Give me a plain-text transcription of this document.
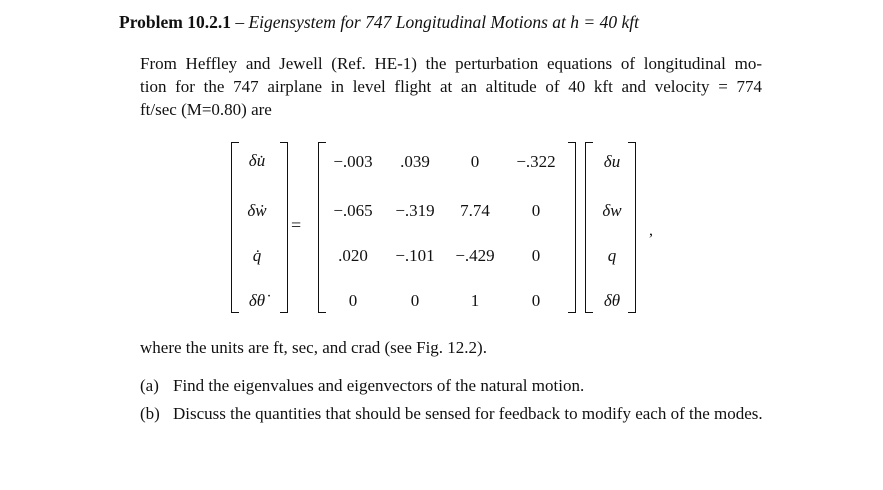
Problem 10.2.1 – Eigensystem for 747 Longitudinal Motions at h = 40 kft
From Heffley and Jewell (Ref. HE-1) the perturbation equations of longitudinal mo-
tion for the 747 airplane in level flight at an altitude of 40 kft and velocity = 774
ft/sec (M=0.80) are
δu̇
δẇ
q̇
δθ̇
=
−.003 .039 0 −.322
−.065 −.319 7.74 0
.020 −.101 −.429 0
0	0	1	0
δu
δw
q
δθ
,
where the units are ft, sec, and crad (see Fig. 12.2).
(a) Find the eigenvalues and eigenvectors of the natural motion.
(b) Discuss the quantities that should be sensed for feedback to modify each of the modes.
